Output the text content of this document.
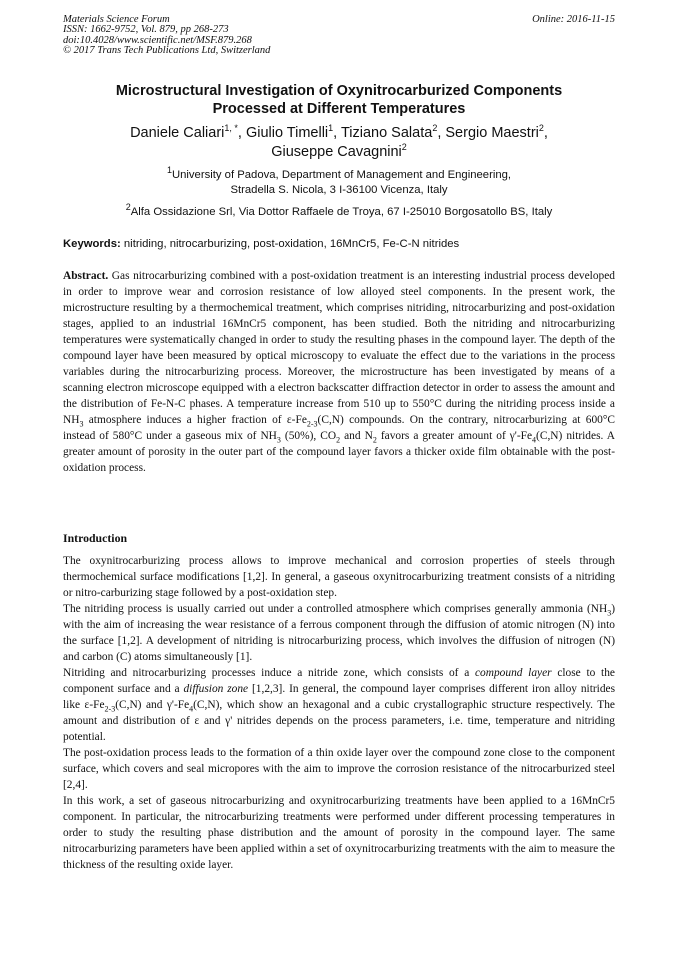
Materials Science Forum
ISSN: 1662-9752, Vol. 879, pp 268-273
doi:10.4028/www.scientific.net/MSF.879.268
© 2017 Trans Tech Publications Ltd, Switzerland
Online: 2016-11-15
Microstructural Investigation of Oxynitrocarburized Components
Processed at Different Temperatures
Daniele Caliari$^{1, *}$, Giulio Timelli$^1$, Tiziano Salata$^2$, Sergio Maestri$^2$,
Giuseppe Cavagnini$^2$
$^1$University of Padova, Department of Management and Engineering,
Stradella S. Nicola, 3 I-36100 Vicenza, Italy
$^2$Alfa Ossidazione Srl, Via Dottor Raffaele de Troya, 67 I-25010 Borgosatollo BS, Italy
Keywords: nitriding, nitrocarburizing, post-oxidation, 16MnCr5, Fe-C-N nitrides

Abstract. Gas nitrocarburizing combined with a post-oxidation treatment is an interesting industrial process developed in order to improve wear and corrosion resistance of low alloyed steel components. In the present work, the microstructure resulting by a thermochemical treatment, which comprises nitriding, nitrocarburizing and post-oxidation stages, applied to an industrial 16MnCr5 component, has been studied. Both the nitriding and nitrocarburizing temperatures were systematically changed in order to study the resulting phases in the compound layer. The depth of the compound layer have been measured by optical microscopy to evaluate the effect due to the variations in the process variables during the nitrocarburizing process. Moreover, the microstructure has been investigated by means of a scanning electron microscope equipped with a electron backscatter diffraction detector in order to assess the amount and the distribution of Fe-N-C phases. A temperature increase from 510 up to 550°C during the nitriding process inside a $NH_3$ atmosphere induces a higher fraction of $\varepsilon-Fe_{2-3}(C,N)$ compounds. On the contrary, nitrocarburizing at 600°C instead of 580°C under a gaseous mix of $NH_3$ (50%), $CO_2$ and $N_2$ favors a greater amount of $\gamma'-Fe_4(C,N)$ nitrides. A greater amount of porosity in the outer part of the compound layer favors a thicker oxide film obtainable with the post-oxidation process.

Introduction

The oxynitrocarburizing process allows to improve mechanical and corrosion properties of steels through thermochemical surface modifications [1,2]. In general, a gaseous oxynitrocarburizing treatment consists of a nitriding or nitro-carburizing stage followed by a post-oxidation step.

The nitriding process is usually carried out under a controlled atmosphere which comprises generally ammonia $(NH_3)$ with the aim of increasing the wear resistance of a ferrous component through the diffusion of atomic nitrogen (N) into the surface [1,2]. A development of nitriding is nitrocarburizing process, which involves the diffusion of nitrogen (N) and carbon (C) atoms simultaneously [1].

Nitriding and nitrocarburizing processes induce a nitride zone, which consists of a compound layer close to the component surface and a diffusion zone [1,2,3]. In general, the compound layer comprises different iron alloy nitrides like $\varepsilon-Fe_{2-3}(C,N)$ and $\gamma'-Fe_4(C,N)$, which show an hexagonal and a cubic crystallographic structure respectively. The amount and distribution of ε and γ' nitrides depends on the process parameters, i.e. time, temperature and nitriding potential.

The post-oxidation process leads to the formation of a thin oxide layer over the compound zone close to the component surface, which covers and seal micropores with the aim to improve the corrosion resistance of the nitrocarburized steel [2,4].

In this work, a set of gaseous nitrocarburizing and oxynitrocarburizing treatments have been applied to a 16MnCr5 component. In particular, the nitrocarburizing treatments were performed under different processing temperatures in order to study the resulting phase distribution and the amount of porosity in the compound layer. The same nitrocarburizing parameters have been applied within a set of oxynitrocarburizing treatments with the aim to measure the thickness of the resulting oxide layer.
